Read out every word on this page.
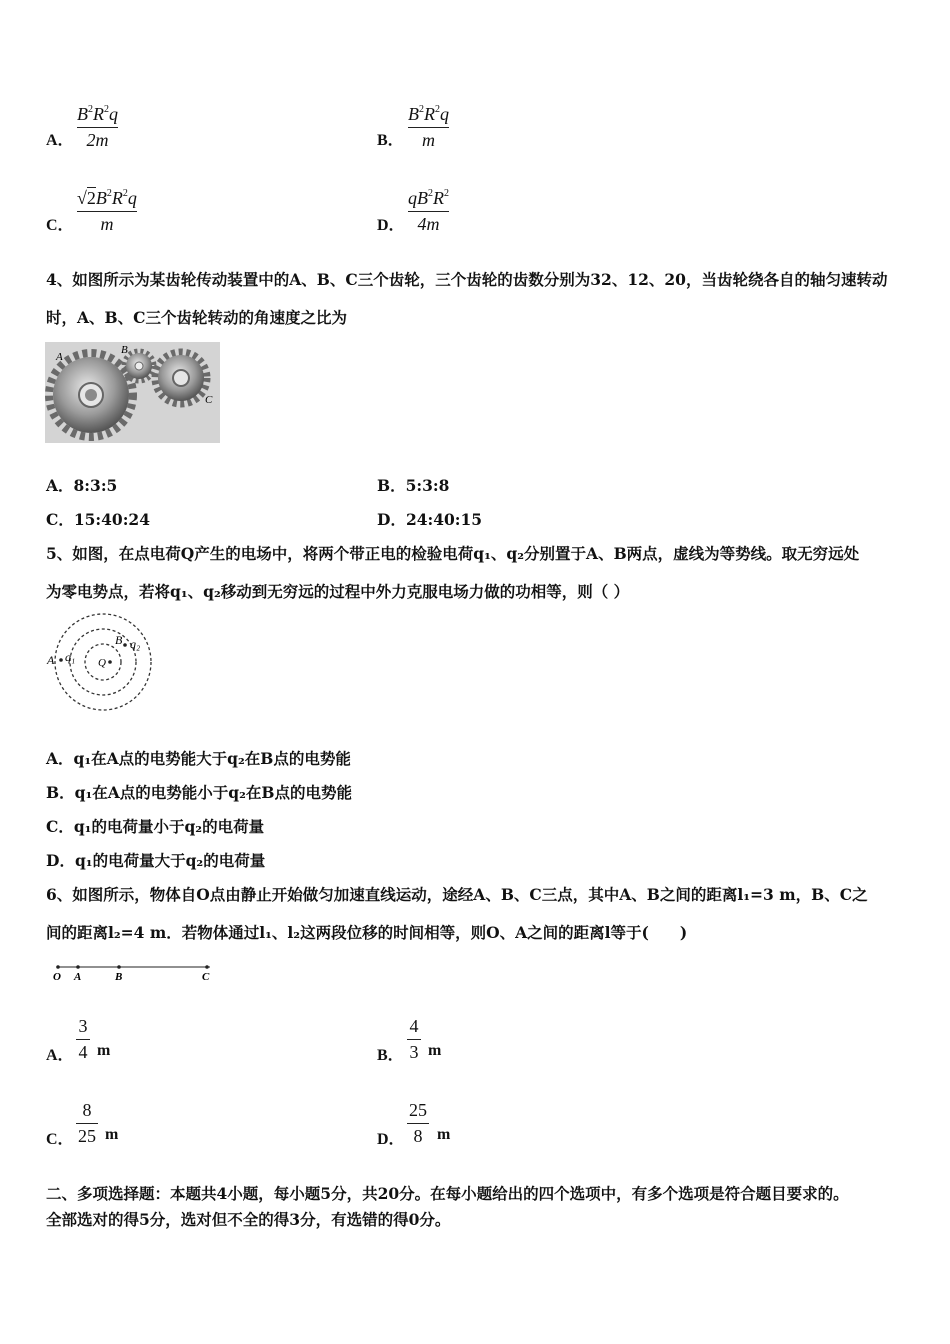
A．
$B^2R^2q$
2m	B．
$B^2R^2q$
m
C．
$√2B^2R^2q$
m	D．
$qB^2R^2$
4m
4、如图所示为某齿轮传动装置中的A、B、C三个齿轮，三个齿轮的齿数分别为32、12、20，当齿轮绕各自的轴匀速转动
时，A、B、C三个齿轮转动的角速度之比为
A
B
C
A．8:3:5	B．5:3:8
C．15:40:24	D．24:40:15
5、如图，在点电荷Q产生的电场中，将两个带正电的检验电荷q₁、q₂分别置于A、B两点，虚线为等势线。取无穷远处
为零电势点，若将q₁、q₂移动到无穷远的过程中外力克服电场力做的功相等，则（ ）
A q₁ Q
B q₂
A．q₁在A点的电势能大于q₂在B点的电势能
B．q₁在A点的电势能小于q₂在B点的电势能
C．q₁的电荷量小于q₂的电荷量
D．q₁的电荷量大于q₂的电荷量
6、如图所示，物体自O点由静止开始做匀加速直线运动，途经A、B、C三点，其中A、B之间的距离l₁=3 m，B、C之
间的距离l₂=4 m．若物体通过l₁、l₂这两段位移的时间相等，则O、A之间的距离l等于(　　)
O A	B	C
A．
3
4 m	B．
4
3 m
C．
8
25 m	D．
25
8 m
二、多项选择题：本题共4小题，每小题5分，共20分。在每小题给出的四个选项中，有多个选项是符合题目要求的。
全部选对的得5分，选对但不全的得3分，有选错的得0分。
